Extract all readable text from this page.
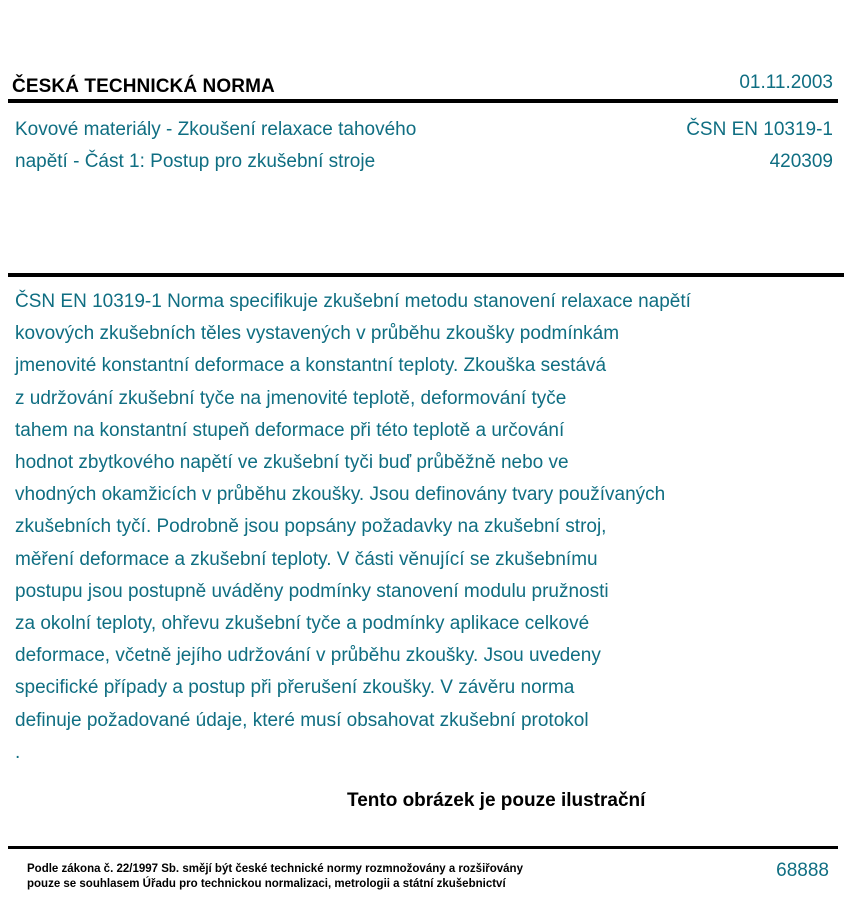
ČESKÁ TECHNICKÁ NORMA	01.11.2003
Kovové materiály - Zkoušení relaxace tahového
napětí - Část 1: Postup pro zkušební stroje
ČSN EN 10319-1
420309
ČSN EN 10319-1 Norma specifikuje zkušební metodu stanovení relaxace napětí
kovových zkušebních těles vystavených v průběhu zkoušky podmínkám
jmenovité konstantní deformace a konstantní teploty. Zkouška sestává
z udržování zkušební tyče na jmenovité teplotě, deformování tyče
tahem na konstantní stupeň deformace při této teplotě a určování
hodnot zbytkového napětí ve zkušební tyči buď průběžně nebo ve
vhodných okamžicích v průběhu zkoušky. Jsou definovány tvary používaných
zkušebních tyčí. Podrobně jsou popsány požadavky na zkušební stroj,
měření deformace a zkušební teploty. V části věnující se zkušebnímu
postupu jsou postupně uváděny podmínky stanovení modulu pružnosti
za okolní teploty, ohřevu zkušební tyče a podmínky aplikace celkové
deformace, včetně jejího udržování v průběhu zkoušky. Jsou uvedeny
specifické případy a postup při přerušení zkoušky. V závěru norma
definuje požadované údaje, které musí obsahovat zkušební protokol
.
Tento obrázek je pouze ilustrační
Podle zákona č. 22/1997 Sb. smějí být české technické normy rozmnožovány a rozšiřovány
pouze se souhlasem Úřadu pro technickou normalizaci, metrologii a státní zkušebnictví
68888
